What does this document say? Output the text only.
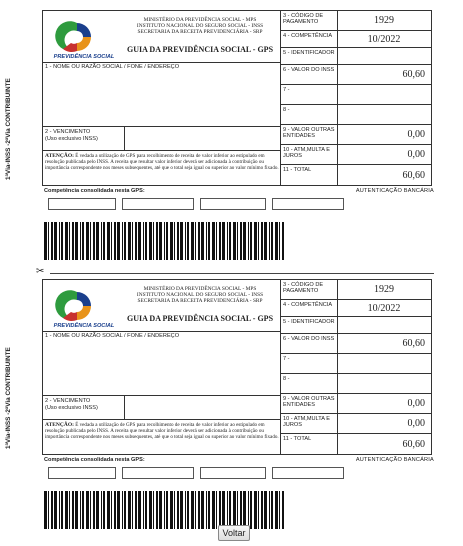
1ªVia-INSS -2ªVia CONTRIBUINTE
PREVIDÊNCIA SOCIAL
MINISTÉRIO DA PREVIDÊNCIA SOCIAL - MPS
INSTITUTO NACIONAL DO SEGURO SOCIAL - INSS
SECRETARIA DA RECEITA PREVIDENCIÁRIA - SRP
GUIA DA PREVIDÊNCIA SOCIAL - GPS
1 - NOME OU RAZÃO SOCIAL / FONE / ENDEREÇO
2 - VENCIMENTO
(Uso exclusivo INSS)
ATENÇÃO: É vedada a utilização de GPS para recolhimento de receita de valor inferior ao estipulado em resolução publicada pelo INSS. A receita que resultar valor inferior deverá ser adicionada à contribuição ou importância correspondente nos meses subsequentes, até que o total seja igual ou superior ao valor mínimo fixado.
3 - CÓDIGO DE PAGAMENTO	1929
4 - COMPETÊNCIA	10/2022
5 - IDENTIFICADOR
6 - VALOR DO INSS	60,60
7 -
8 -
9 - VALOR OUTRAS ENTIDADES	0,00
10 - ATM,MULTA E JUROS	0,00
11 - TOTAL	60,60
Competência consolidada nesta GPS:	AUTENTICAÇÃO BANCÁRIA
1ªVia-INSS -2ªVia CONTRIBUINTE
PREVIDÊNCIA SOCIAL
MINISTÉRIO DA PREVIDÊNCIA SOCIAL - MPS
INSTITUTO NACIONAL DO SEGURO SOCIAL - INSS
SECRETARIA DA RECEITA PREVIDENCIÁRIA - SRP
GUIA DA PREVIDÊNCIA SOCIAL - GPS
1 - NOME OU RAZÃO SOCIAL / FONE / ENDEREÇO
2 - VENCIMENTO
(Uso exclusivo INSS)
ATENÇÃO: É vedada a utilização de GPS para recolhimento de receita de valor inferior ao estipulado em resolução publicada pelo INSS. A receita que resultar valor inferior deverá ser adicionada à contribuição ou importância correspondente nos meses subsequentes, até que o total seja igual ou superior ao valor mínimo fixado.
3 - CÓDIGO DE PAGAMENTO	1929
4 - COMPETÊNCIA	10/2022
5 - IDENTIFICADOR
6 - VALOR DO INSS	60,60
7 -
8 -
9 - VALOR OUTRAS ENTIDADES	0,00
10 - ATM,MULTA E JUROS	0,00
11 - TOTAL	60,60
Competência consolidada nesta GPS:	AUTENTICAÇÃO BANCÁRIA
✂
Voltar
